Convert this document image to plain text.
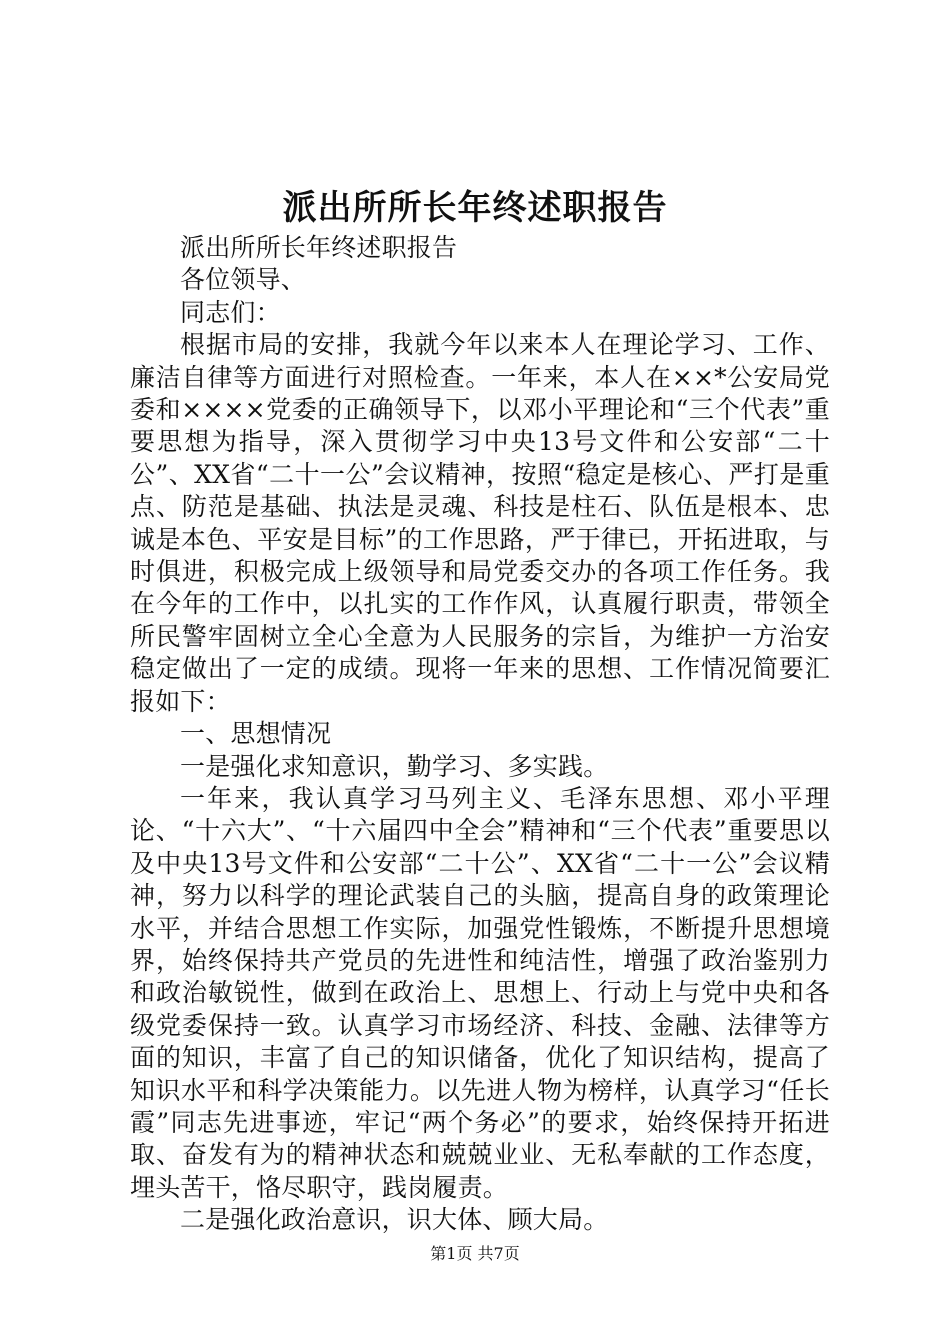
派出所所长年终述职报告

派出所所长年终述职报告

各位领导、

同志们：

根据市局的安排，我就今年以来本人在理论学习、工作、廉洁自律等方面进行对照检查。一年来，本人在××*公安局党委和××××党委的正确领导下，以邓小平理论和“三个代表”重要思想为指导，深入贯彻学习中央13号文件和公安部“二十公”、XX省“二十一公”会议精神，按照“稳定是核心、严打是重点、防范是基础、执法是灵魂、科技是柱石、队伍是根本、忠诚是本色、平安是目标”的工作思路，严于律已，开拓进取，与时俱进，积极完成上级领导和局党委交办的各项工作任务。我在今年的工作中，以扎实的工作作风，认真履行职责，带领全所民警牢固树立全心全意为人民服务的宗旨，为维护一方治安稳定做出了一定的成绩。现将一年来的思想、工作情况简要汇报如下：

一、思想情况

一是强化求知意识，勤学习、多实践。

一年来，我认真学习马列主义、毛泽东思想、邓小平理论、“十六大”、“十六届四中全会”精神和“三个代表”重要思以及中央13号文件和公安部“二十公”、XX省“二十一公”会议精神，努力以科学的理论武装自己的头脑，提高自身的政策理论水平，并结合思想工作实际，加强党性锻炼，不断提升思想境界，始终保持共产党员的先进性和纯洁性，增强了政治鉴别力和政治敏锐性，做到在政治上、思想上、行动上与党中央和各级党委保持一致。认真学习市场经济、科技、金融、法律等方面的知识，丰富了自己的知识储备，优化了知识结构，提高了知识水平和科学决策能力。以先进人物为榜样，认真学习“任长霞”同志先进事迹，牢记“两个务必”的要求，始终保持开拓进取、奋发有为的精神状态和兢兢业业、无私奉献的工作态度，埋头苦干，恪尽职守，践岗履责。

二是强化政治意识，识大体、顾大局。

第1页 共7页
